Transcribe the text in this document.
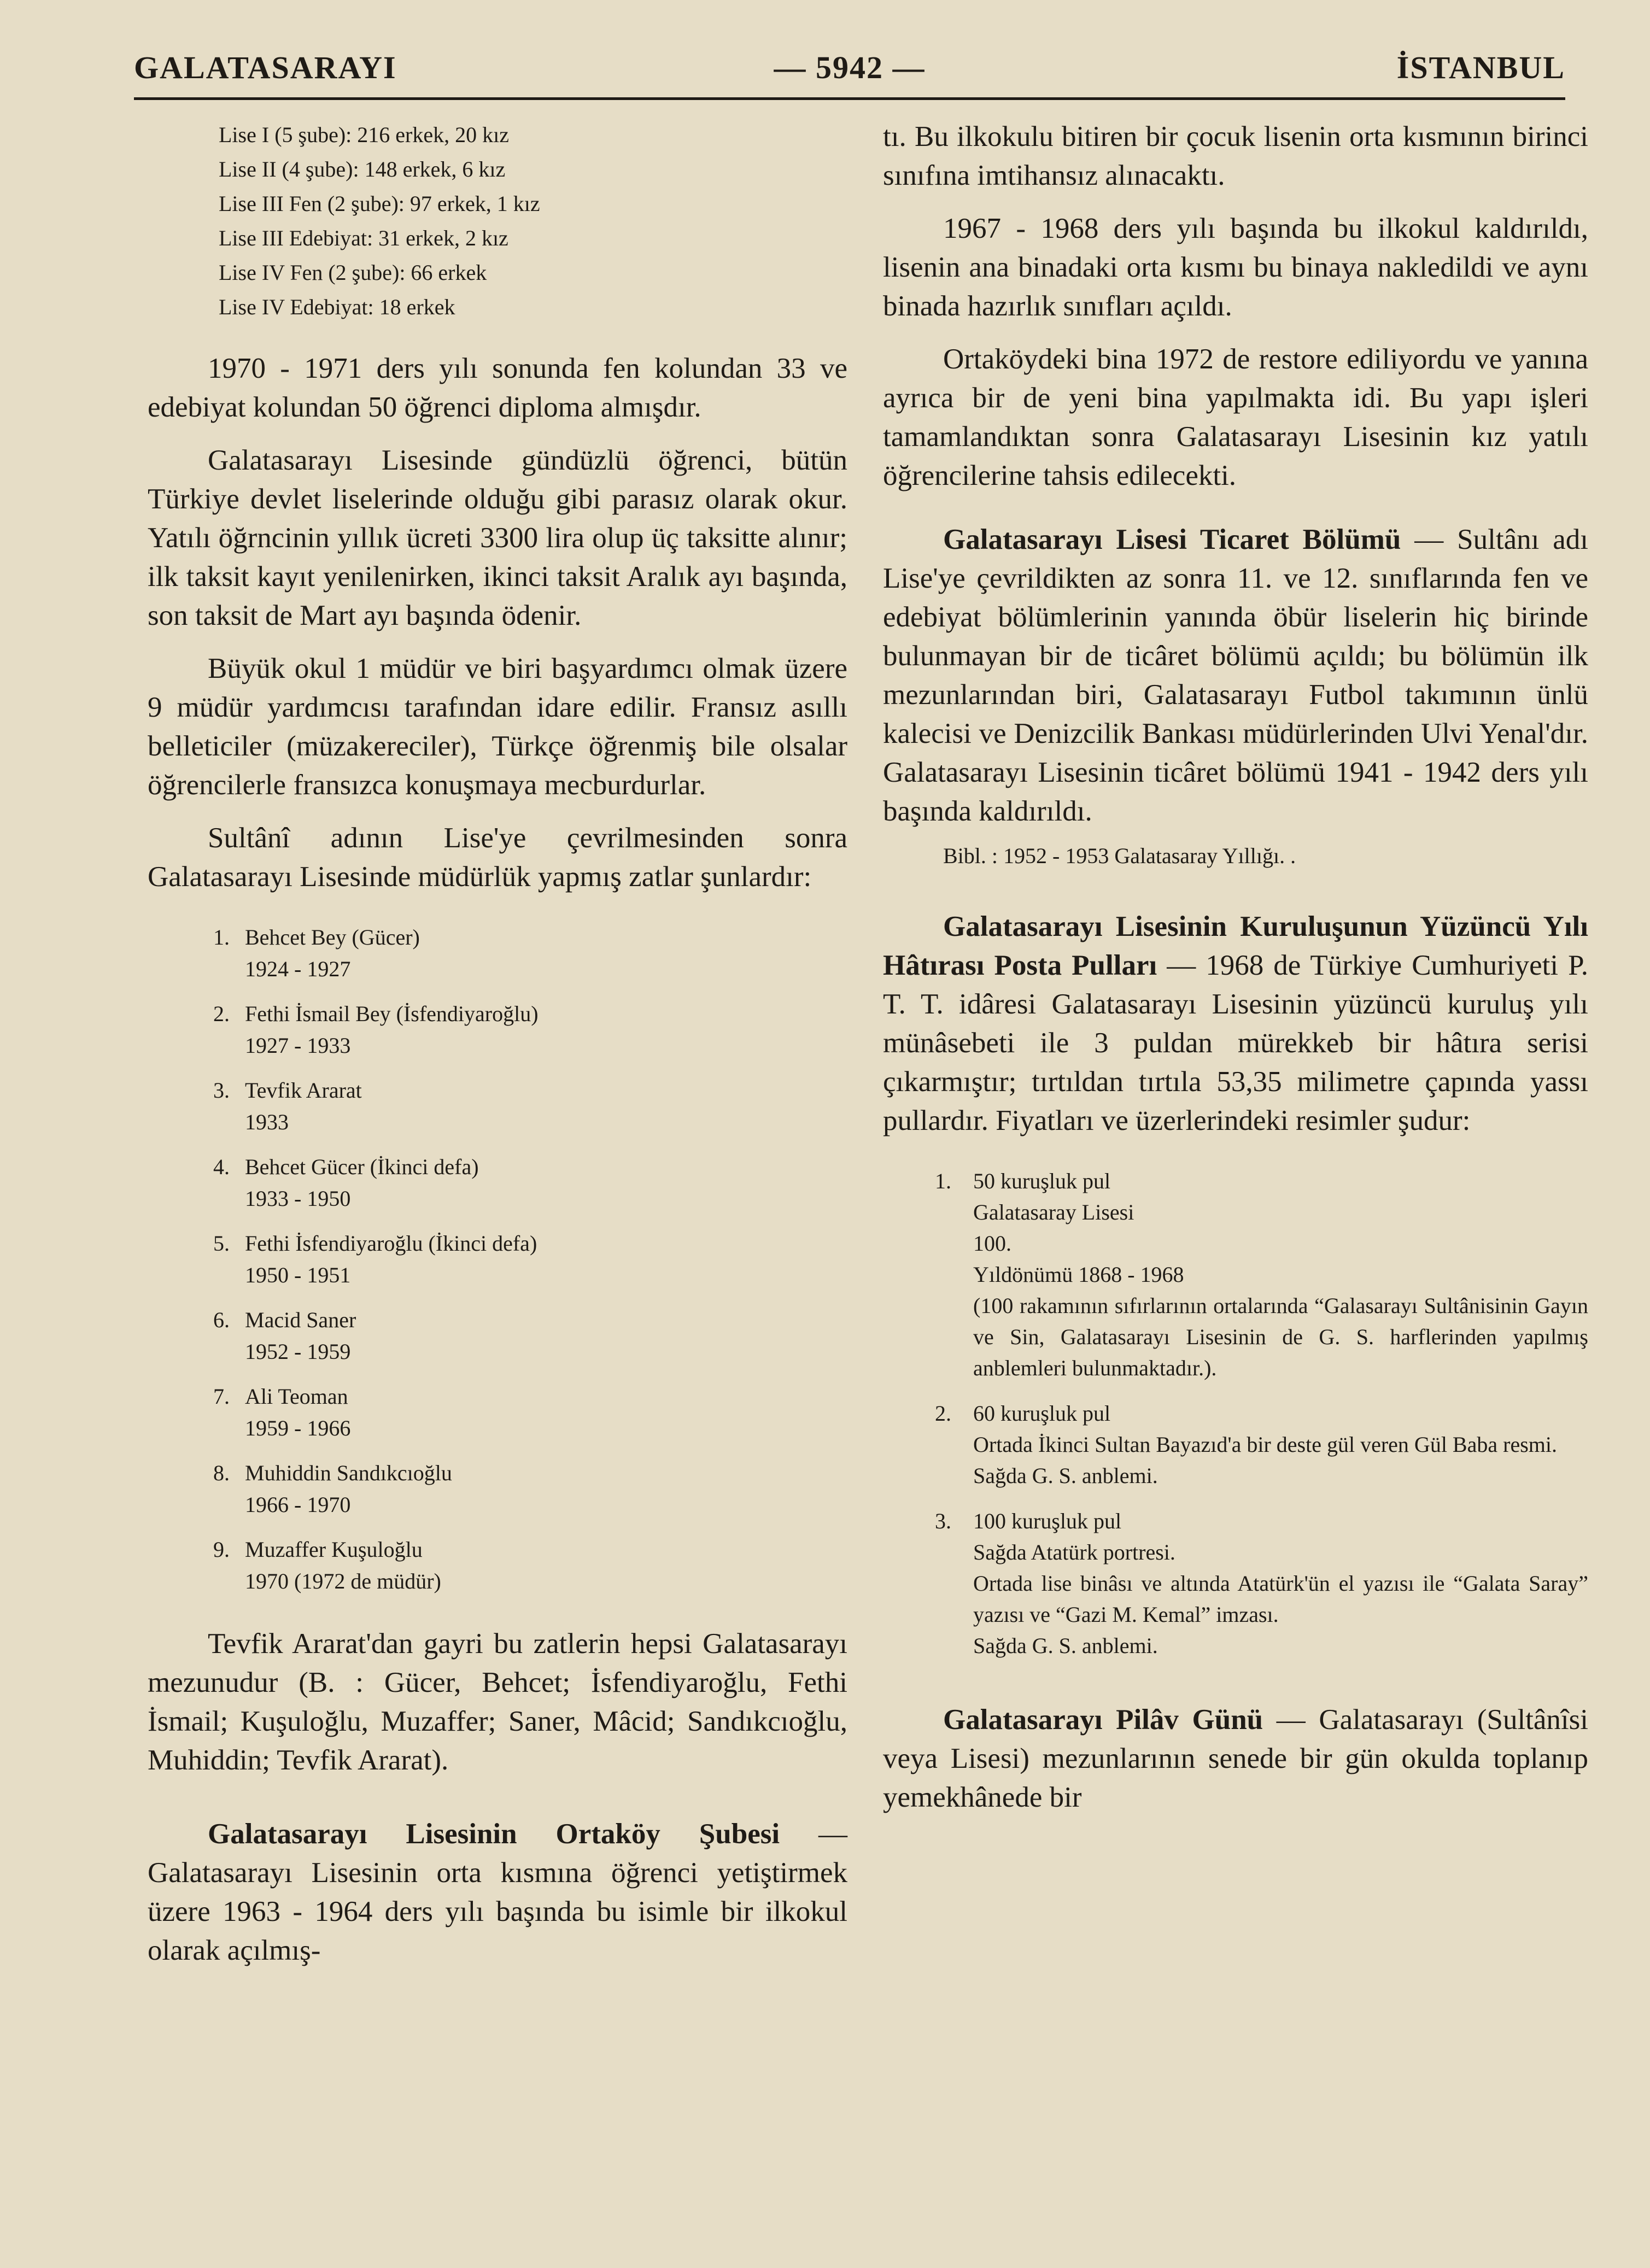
GALATASARAYI	— 5942 —	İSTANBUL
Lise I (5 şube): 216 erkek, 20 kız
Lise II (4 şube): 148 erkek, 6 kız
Lise III Fen (2 şube): 97 erkek, 1 kız
Lise III Edebiyat: 31 erkek, 2 kız
Lise IV Fen (2 şube): 66 erkek
Lise IV Edebiyat: 18 erkek

1970 - 1971 ders yılı sonunda fen kolundan 33 ve edebiyat kolundan 50 öğrenci diploma almışdır.

Galatasarayı Lisesinde gündüzlü öğrenci, bütün Türkiye devlet liselerinde olduğu gibi parasız olarak okur. Yatılı öğrncinin yıllık ücreti 3300 lira olup üç taksitte alınır; ilk taksit kayıt yenilenirken, ikinci taksit Aralık ayı başında, son taksit de Mart ayı başında ödenir.

Büyük okul 1 müdür ve biri başyardımcı olmak üzere 9 müdür yardımcısı tarafından idare edilir. Fransız asıllı belleticiler (müzakereciler), Türkçe öğrenmiş bile olsalar öğrencilerle fransızca konuşmaya mecburdurlar.

Sultânî adının Lise'ye çevrilmesinden sonra Galatasarayı Lisesinde müdürlük yapmış zatlar şunlardır:

1. Behcet Bey (Gücer)
1924 - 1927
2. Fethi İsmail Bey (İsfendiyaroğlu)
1927 - 1933
3. Tevfik Ararat
1933
4. Behcet Gücer (İkinci defa)
1933 - 1950
5. Fethi İsfendiyaroğlu (İkinci defa)
1950 - 1951
6. Macid Saner
1952 - 1959
7. Ali Teoman
1959 - 1966
8. Muhiddin Sandıkcıoğlu
1966 - 1970
9. Muzaffer Kuşuloğlu
1970 (1972 de müdür)

Tevfik Ararat'dan gayri bu zatlerin hepsi Galatasarayı mezunudur (B. : Gücer, Behcet; İsfendiyaroğlu, Fethi İsmail; Kuşuloğlu, Muzaffer; Saner, Mâcid; Sandıkcıoğlu, Muhiddin; Tevfik Ararat).

Galatasarayı Lisesinin Ortaköy Şubesi — Galatasarayı Lisesinin orta kısmına öğrenci yetiştirmek üzere 1963 - 1964 ders yılı başında bu isimle bir ilkokul olarak açılmış-

tı. Bu ilkokulu bitiren bir çocuk lisenin orta kısmının birinci sınıfına imtihansız alınacaktı.

1967 - 1968 ders yılı başında bu ilkokul kaldırıldı, lisenin ana binadaki orta kısmı bu binaya nakledildi ve aynı binada hazırlık sınıfları açıldı.

Ortaköydeki bina 1972 de restore ediliyordu ve yanına ayrıca bir de yeni bina yapılmakta idi. Bu yapı işleri tamamlandıktan sonra Galatasarayı Lisesinin kız yatılı öğrencilerine tahsis edilecekti.

Galatasarayı Lisesi Ticaret Bölümü — Sultânı adı Lise'ye çevrildikten az sonra 11. ve 12. sınıflarında fen ve edebiyat bölümlerinin yanında öbür liselerin hiç birinde bulunmayan bir de ticâret bölümü açıldı; bu bölümün ilk mezunlarından biri, Galatasarayı Futbol takımının ünlü kalecisi ve Denizcilik Bankası müdürlerinden Ulvi Yenal'dır. Galatasarayı Lisesinin ticâret bölümü 1941 - 1942 ders yılı başında kaldırıldı.

Bibl. : 1952 - 1953 Galatasaray Yıllığı. .

Galatasarayı Lisesinin Kuruluşunun Yüzüncü Yılı Hâtırası Posta Pulları — 1968 de Türkiye Cumhuriyeti P. T. T. idâresi Galatasarayı Lisesinin yüzüncü kuruluş yılı münâsebeti ile 3 puldan mürekkeb bir hâtıra serisi çıkarmıştır; tırtıldan tırtıla 53,35 milimetre çapında yassı pullardır. Fiyatları ve üzerlerindeki resimler şudur:

1. 50 kuruşluk pul
Galatasaray Lisesi
100.
Yıldönümü 1868 - 1968
(100 rakamının sıfırlarının ortalarında “Galasarayı Sultânisinin Gayın ve Sin, Galatasarayı Lisesinin de G. S. harflerinden yapılmış anblemleri bulunmaktadır.).
2. 60 kuruşluk pul
Ortada İkinci Sultan Bayazıd'a bir deste gül veren Gül Baba resmi.
Sağda G. S. anblemi.
3. 100 kuruşluk pul
Sağda Atatürk portresi.
Ortada lise binâsı ve altında Atatürk'ün el yazısı ile “Galata Saray” yazısı ve “Gazi M. Kemal” imzası.
Sağda G. S. anblemi.

Galatasarayı Pilâv Günü — Galatasarayı (Sultânîsi veya Lisesi) mezunlarının senede bir gün okulda toplanıp yemekhânede bir
